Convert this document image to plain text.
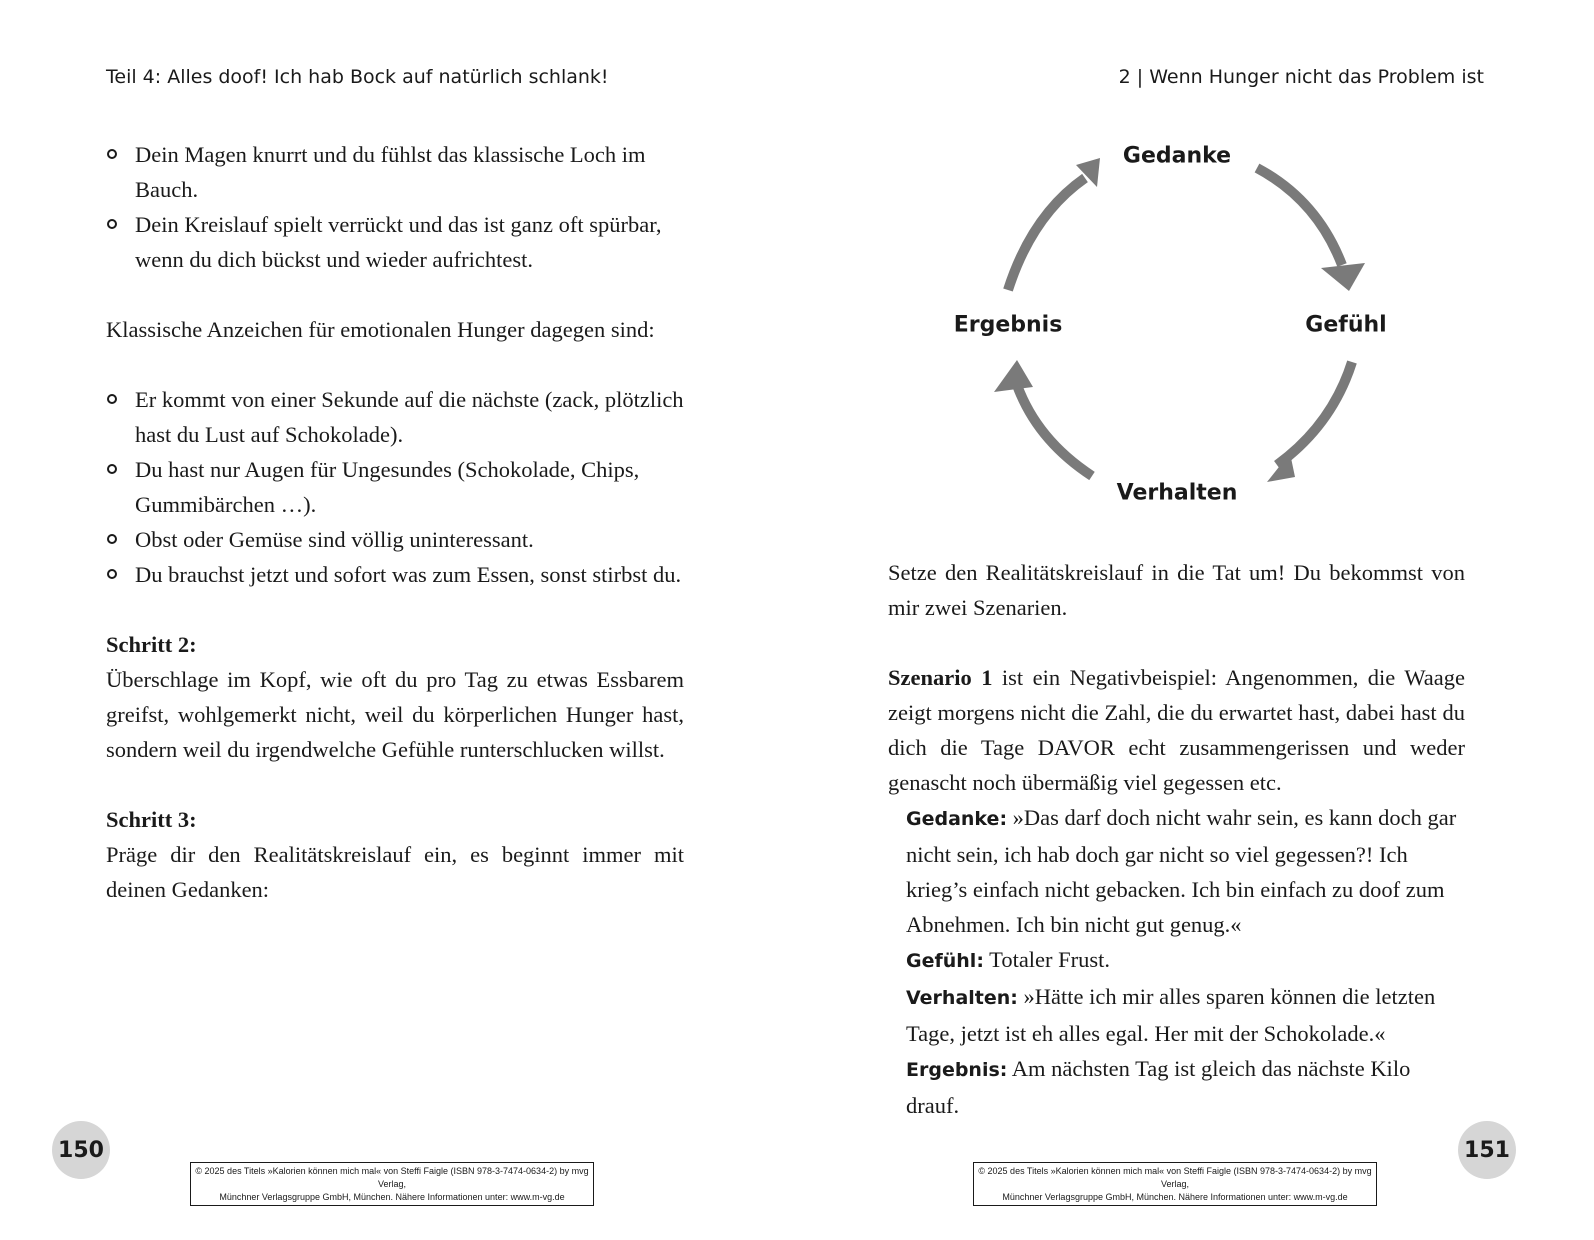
Teil 4: Alles doof! Ich hab Bock auf natürlich schlank!
Dein Magen knurrt und du fühlst das klassische Loch im Bauch.
Dein Kreislauf spielt verrückt und das ist ganz oft spürbar, wenn du dich bückst und wieder aufrichtest.

Klassische Anzeichen für emotionalen Hunger dagegen sind:

Er kommt von einer Sekunde auf die nächste (zack, plötzlich hast du Lust auf Schokolade).
Du hast nur Augen für Ungesundes (Schokolade, Chips, Gummibärchen …).
Obst oder Gemüse sind völlig uninteressant.
Du brauchst jetzt und sofort was zum Essen, sonst stirbst du.

Schritt 2:

Überschlage im Kopf, wie oft du pro Tag zu etwas Essbarem greifst, wohlgemerkt nicht, weil du körperlichen Hunger hast, sondern weil du irgendwelche Gefühle runterschlucken willst.

Schritt 3:

Präge dir den Realitätskreislauf ein, es beginnt immer mit deinen Gedanken:

150
© 2025 des Titels »Kalorien können mich mal« von Steffi Faigle (ISBN 978-3-7474-0634-2) by mvg Verlag,
Münchner Verlagsgruppe GmbH, München. Nähere Informationen unter: www.m-vg.de
2 | Wenn Hunger nicht das Problem ist
Gedanke
Gefühl
Verhalten
Ergebnis

Setze den Realitätskreislauf in die Tat um! Du bekommst von mir zwei Szenarien.

Szenario 1 ist ein Negativbeispiel: Angenommen, die Waage zeigt morgens nicht die Zahl, die du erwartet hast, dabei hast du dich die Tage DAVOR echt zusammengerissen und weder genascht noch übermäßig viel gegessen etc.

Gedanke: »Das darf doch nicht wahr sein, es kann doch gar nicht sein, ich hab doch gar nicht so viel gegessen?! Ich krieg’s einfach nicht gebacken. Ich bin einfach zu doof zum Abnehmen. Ich bin nicht gut genug.«

Gefühl: Totaler Frust.

Verhalten: »Hätte ich mir alles sparen können die letzten Tage, jetzt ist eh alles egal. Her mit der Schokolade.«

Ergebnis: Am nächsten Tag ist gleich das nächste Kilo drauf.

151
© 2025 des Titels »Kalorien können mich mal« von Steffi Faigle (ISBN 978-3-7474-0634-2) by mvg Verlag,
Münchner Verlagsgruppe GmbH, München. Nähere Informationen unter: www.m-vg.de
